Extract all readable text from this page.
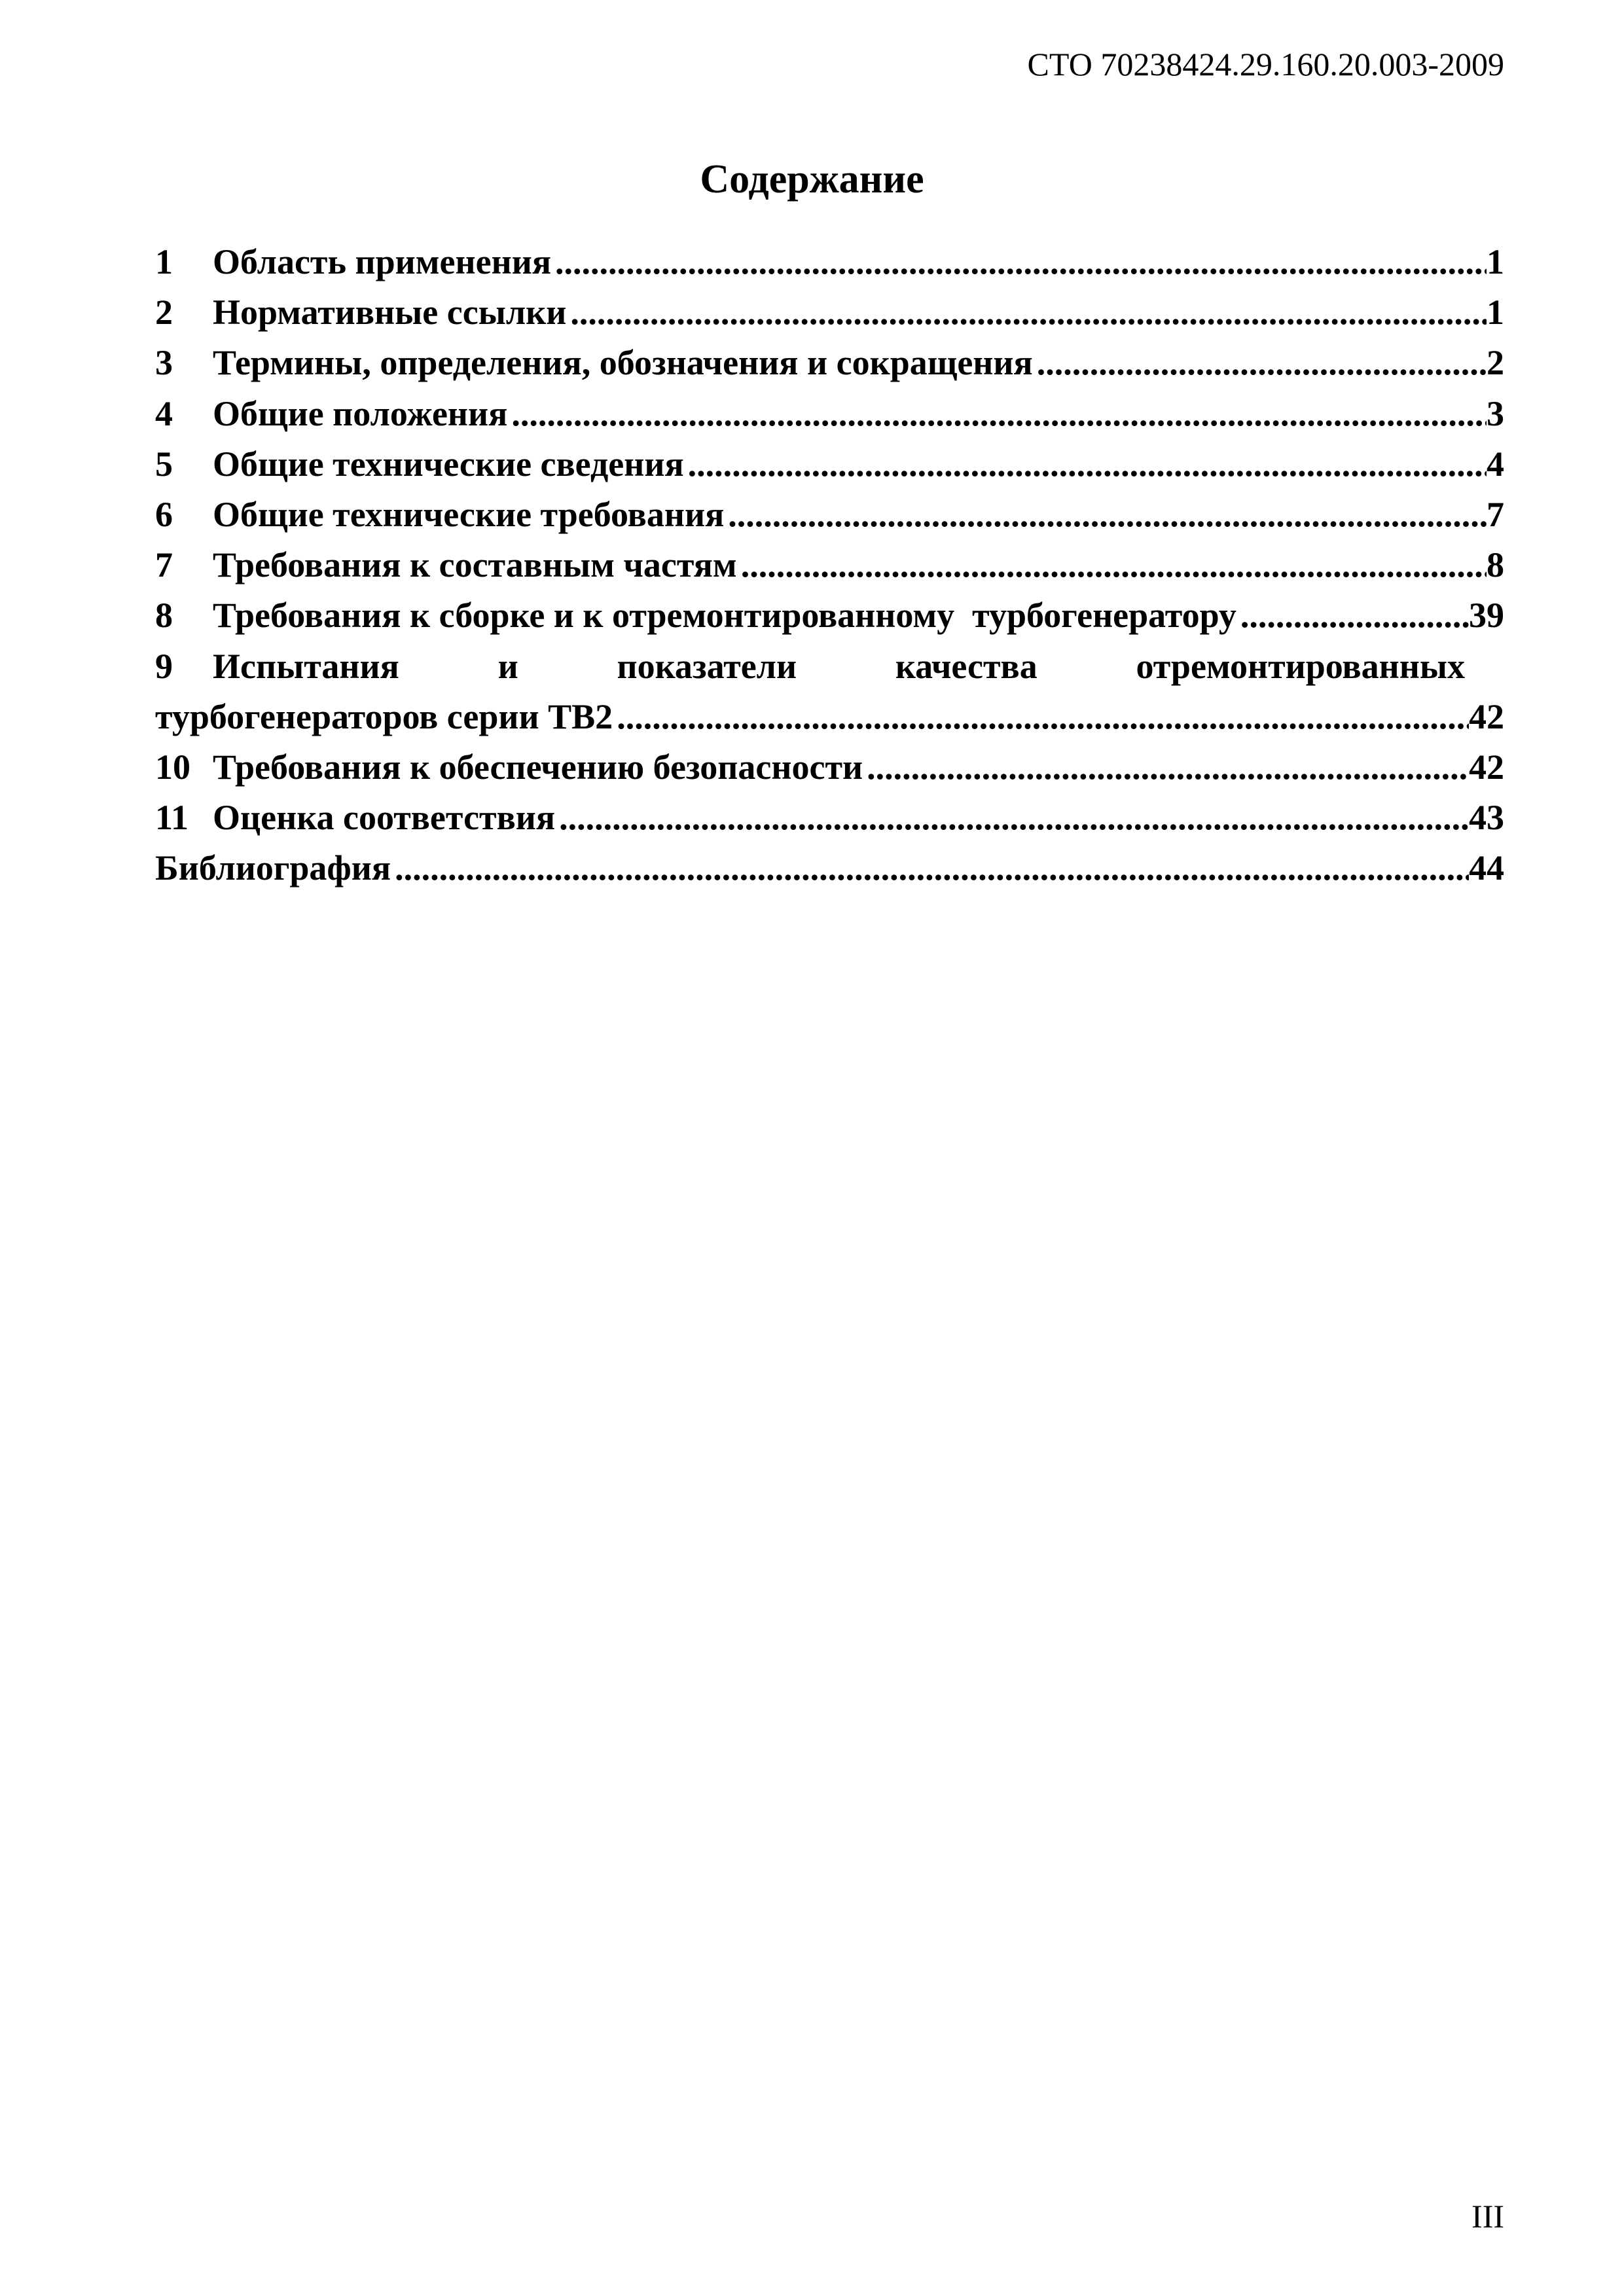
СТО 70238424.29.160.20.003-2009
Содержание
1	Область применения .....	1
2	Нормативные ссылки .....	1
3	Термины, определения, обозначения и сокращения .....	2
4	Общие положения .....	3
5	Общие технические сведения .....	4
6	Общие технические требования .....	7
7	Требования к составным частям .....	8
8	Требования к сборке и к отремонтированному  турбогенератору .....	39
9	Испытания и показатели качества отремонтированных
турбогенераторов серии ТВ2 .....	42
10 Требования к обеспечению безопасности .....	42
11 Оценка соответствия .....	43
Библиография .....	44
III
